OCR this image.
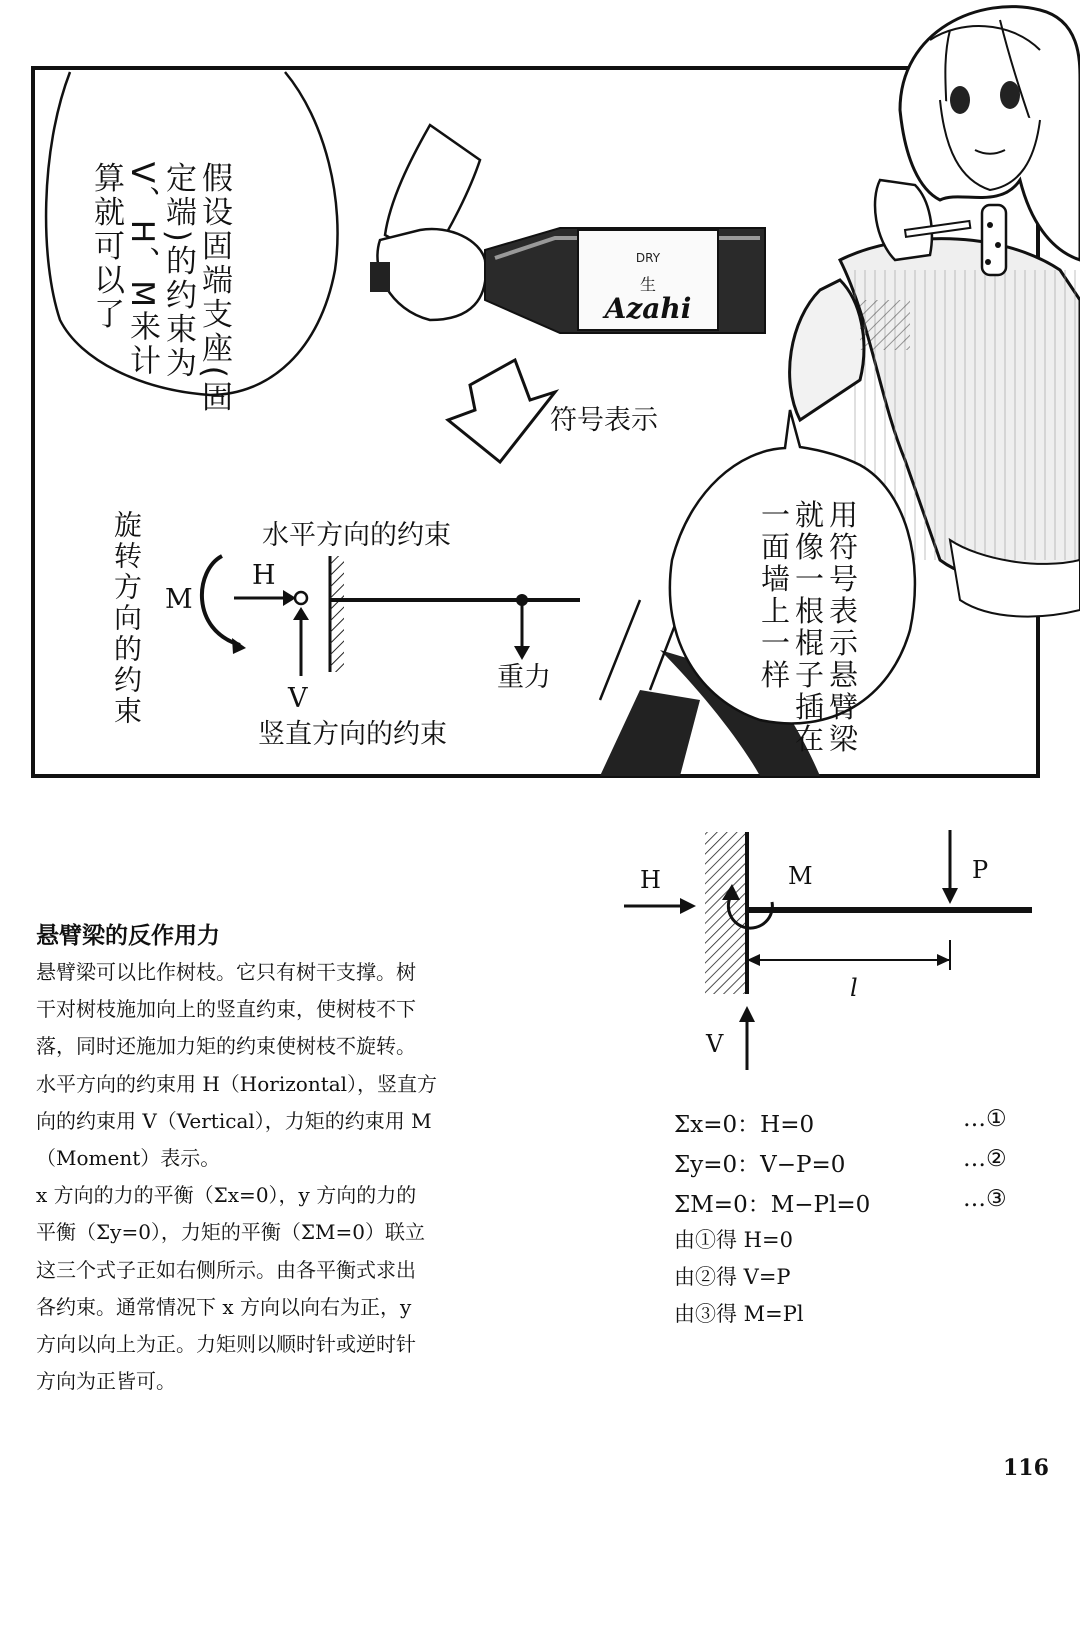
DRY
生
Azahi

假设固端支座(固
定端)的约束为
V、H、M来计
算就可以了

符号表示
旋转方向的约束	水平方向的约束
竖直方向的约束
重力
M
H
V	用符号表示悬臂梁
就像一根棍子插在
一面墙上一样

悬臂梁的反作用力
悬臂梁可以比作树枝。它只有树干支撑。树
干对树枝施加向上的竖直约束，使树枝不下
落，同时还施加力矩的约束使树枝不旋转。
水平方向的约束用 H（Horizontal），竖直方
向的约束用 V（Vertical），力矩的约束用 M
（Moment）表示。
x 方向的力的平衡（Σx=0），y 方向的力的
平衡（Σy=0），力矩的平衡（ΣM=0）联立
这三个式子正如右侧所示。由各平衡式求出
各约束。通常情况下 x 方向以向右为正，y
方向以向上为正。力矩则以顺时针或逆时针
方向为正皆可。
H	M	P
l
V
Σx=0：H=0	…①
Σy=0：V−P=0	…②
ΣM=0：M−Pl=0	…③
由①得 H=0
由②得 V=P
由③得 M=Pl
116
